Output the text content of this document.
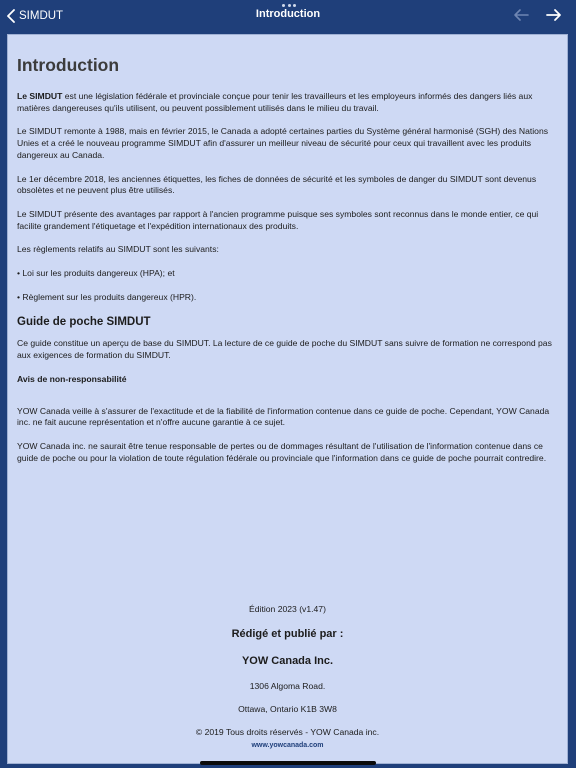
SIMDUT	Introduction
Introduction

Le SIMDUT est une législation fédérale et provinciale conçue pour tenir les travailleurs et les employeurs informés des dangers liés aux matières dangereuses qu'ils utilisent, ou peuvent possiblement utilisés dans le milieu du travail.

Le SIMDUT remonte à 1988, mais en février 2015, le Canada a adopté certaines parties du Système général harmonisé (SGH) des Nations Unies et a créé le nouveau programme SIMDUT afin d'assurer un meilleur niveau de sécurité pour ceux qui travaillent avec les produits dangereux au Canada.

Le 1er décembre 2018, les anciennes étiquettes, les fiches de données de sécurité et les symboles de danger du SIMDUT sont devenus obsolètes et ne peuvent plus être utilisés.

Le SIMDUT présente des avantages par rapport à l'ancien programme puisque ses symboles sont reconnus dans le monde entier, ce qui facilite grandement l'étiquetage et l'expédition internationaux des produits.

Les règlements relatifs au SIMDUT sont les suivants:

• Loi sur les produits dangereux (HPA); et

• Règlement sur les produits dangereux (HPR).

Guide de poche SIMDUT

Ce guide constitue un aperçu de base du SIMDUT. La lecture de ce guide de poche du SIMDUT sans suivre de formation ne correspond pas aux exigences de formation du SIMDUT.

Avis de non-responsabilité

YOW Canada veille à s'assurer de l'exactitude et de la fiabilité de l'information contenue dans ce guide de poche. Cependant, YOW Canada inc. ne fait aucune représentation et n'offre aucune garantie à ce sujet.

YOW Canada inc. ne saurait être tenue responsable de pertes ou de dommages résultant de l'utilisation de l'information contenue dans ce guide de poche ou pour la violation de toute régulation fédérale ou provinciale que l'information dans ce guide de poche pourrait contredire.

Édition 2023 (v1.47)
Rédigé et publié par :
YOW Canada Inc.
1306 Algoma Road.
Ottawa, Ontario K1B 3W8
© 2019 Tous droits réservés - YOW Canada inc.
www.yowcanada.com
